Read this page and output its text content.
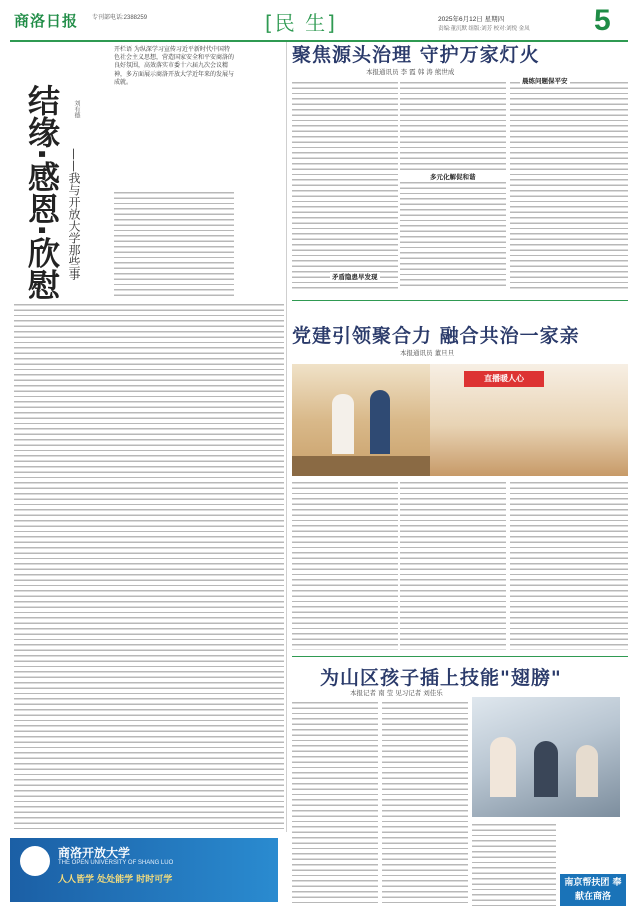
商洛日报 专刊部电话:2388259	[民 生]	2025年6月12日 星期四
责编:董沉默 组版:刘芳 校对:刘悦 金凤 5

开栏语 为纵深学习宣传习近平新时代中国特色社会主义思想，营造国家安全和平安商洛的良好氛围，高效落实市委十六届九次会议精神，多方面展示商洛开放大学近年来的发展与成就。

结缘·感恩·欣慰 ——我与开放大学那些事
刘有德
聚焦源头治理 守护万家灯火
本报通讯员 李 霞 韩 涛 熊世成
晨练问题保平安
多元化解促和谐
矛盾隐患早发现
党建引领聚合力 融合共治一家亲
本报通讯员 董旦旦
直播暖人心
为山区孩子插上技能"翅膀"
本报记者 南 莹 见习记者 刘佳乐
商洛开放大学
THE OPEN UNIVERSITY OF SHANG LUO
人人皆学 处处能学 时时可学	南京帮扶团 奉献在商洛
